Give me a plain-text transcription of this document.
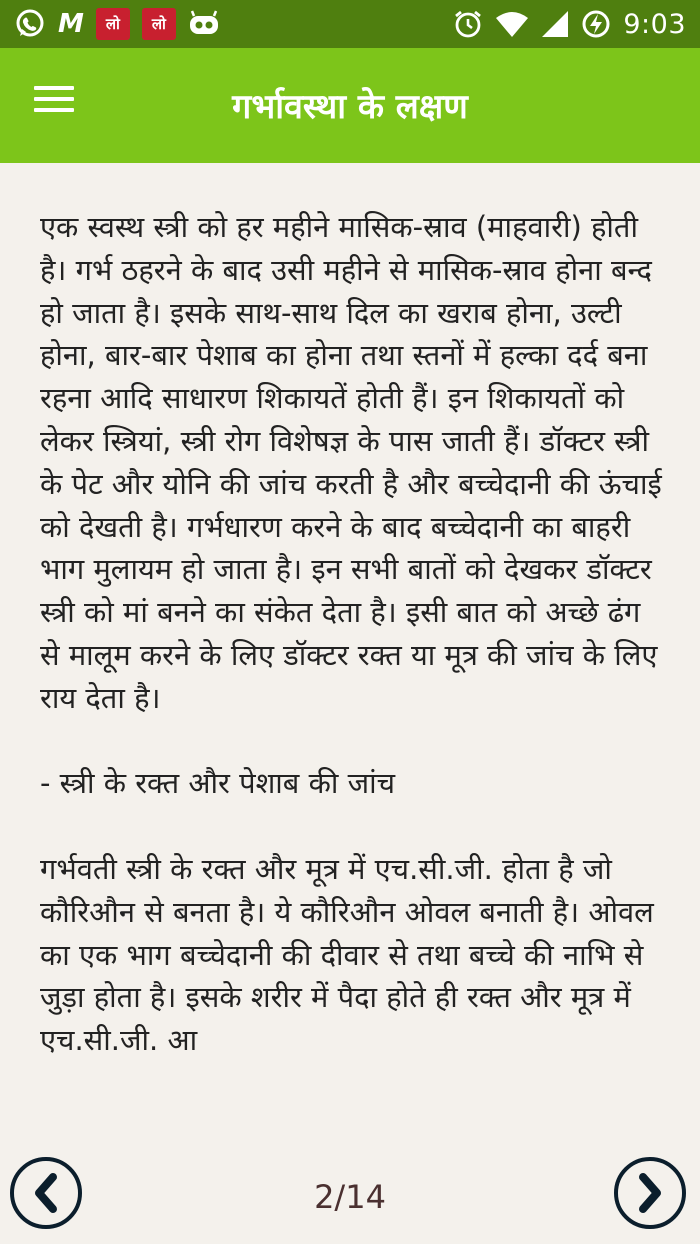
M	लो	लो	9:03
गर्भावस्था के लक्षण

एक स्वस्थ स्त्री को हर महीने मासिक-स्राव (माहवारी) होती है। गर्भ ठहरने के बाद उसी महीने से मासिक-स्राव होना बन्द हो जाता है। इसके साथ-साथ दिल का खराब होना, उल्टी होना, बार-बार पेशाब का होना तथा स्तनों में हल्का दर्द बना रहना आदि साधारण शिकायतें होती हैं। इन शिकायतों को लेकर स्त्रियां, स्त्री रोग विशेषज्ञ के पास जाती हैं। डॉक्टर स्त्री के पेट और योनि की जांच करती है और बच्चेदानी की ऊंचाई को देखती है। गर्भधारण करने के बाद बच्चेदानी का बाहरी भाग मुलायम हो जाता है। इन सभी बातों को देखकर डॉक्टर स्त्री को मां बनने का संकेत देता है। इसी बात को अच्छे ढंग से मालूम करने के लिए डॉक्टर रक्त या मूत्र की जांच के लिए राय देता है।

- स्त्री के रक्त और पेशाब की जांच

गर्भवती स्त्री के रक्त और मूत्र में एच.सी.जी. होता है जो कौरिऔन से बनता है। ये कौरिऔन ओवल बनाती है। ओवल का एक भाग बच्चेदानी की दीवार से तथा बच्चे की नाभि से जुड़ा होता है। इसके शरीर में पैदा होते ही रक्त और मूत्र में एच.सी.जी. आ

2/14
